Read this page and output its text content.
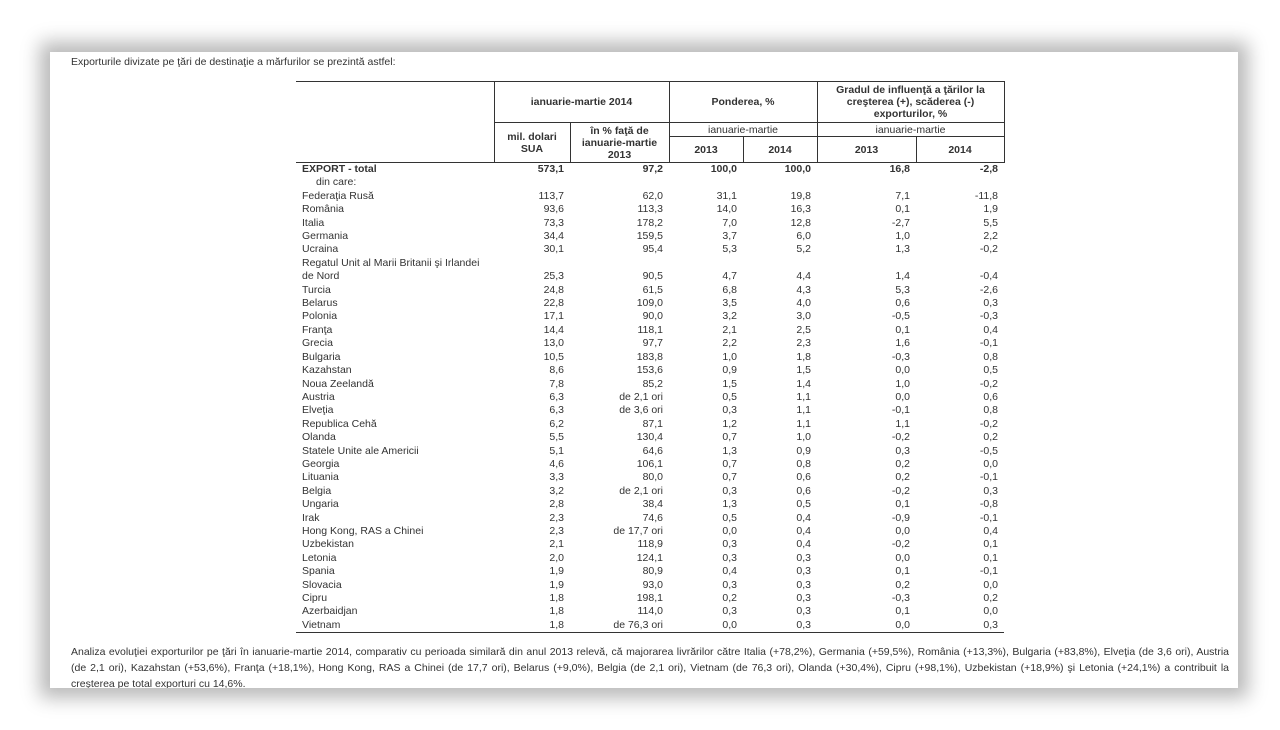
Exporturile divizate pe ţări de destinaţie a mărfurilor se prezintă astfel:
	ianuarie-martie 2014		Ponderea, %		Gradul de influenţă a ţărilor la creşterea (+), scăderea (-) exporturilor, %	
	mil. dolari SUA	în % faţă de ianuarie-martie 2013	ianuarie-martie		ianuarie-martie	
			2013	2014	2013	2014
EXPORT - total	573,1	97,2	100,0	100,0	16,8	-2,8
din care:						
Federaţia Rusă	113,7	62,0	31,1	19,8	7,1	-11,8
România	93,6	113,3	14,0	16,3	0,1	1,9
Italia	73,3	178,2	7,0	12,8	-2,7	5,5
Germania	34,4	159,5	3,7	6,0	1,0	2,2
Ucraina	30,1	95,4	5,3	5,2	1,3	-0,2
Regatul Unit al Marii Britanii şi Irlandei						
de Nord	25,3	90,5	4,7	4,4	1,4	-0,4
Turcia	24,8	61,5	6,8	4,3	5,3	-2,6
Belarus	22,8	109,0	3,5	4,0	0,6	0,3
Polonia	17,1	90,0	3,2	3,0	-0,5	-0,3
Franţa	14,4	118,1	2,1	2,5	0,1	0,4
Grecia	13,0	97,7	2,2	2,3	1,6	-0,1
Bulgaria	10,5	183,8	1,0	1,8	-0,3	0,8
Kazahstan	8,6	153,6	0,9	1,5	0,0	0,5
Noua Zeelandă	7,8	85,2	1,5	1,4	1,0	-0,2
Austria	6,3	de 2,1 ori	0,5	1,1	0,0	0,6
Elveţia	6,3	de 3,6 ori	0,3	1,1	-0,1	0,8
Republica Cehă	6,2	87,1	1,2	1,1	1,1	-0,2
Olanda	5,5	130,4	0,7	1,0	-0,2	0,2
Statele Unite ale Americii	5,1	64,6	1,3	0,9	0,3	-0,5
Georgia	4,6	106,1	0,7	0,8	0,2	0,0
Lituania	3,3	80,0	0,7	0,6	0,2	-0,1
Belgia	3,2	de 2,1 ori	0,3	0,6	-0,2	0,3
Ungaria	2,8	38,4	1,3	0,5	0,1	-0,8
Irak	2,3	74,6	0,5	0,4	-0,9	-0,1
Hong Kong, RAS a Chinei	2,3	de 17,7 ori	0,0	0,4	0,0	0,4
Uzbekistan	2,1	118,9	0,3	0,4	-0,2	0,1
Letonia	2,0	124,1	0,3	0,3	0,0	0,1
Spania	1,9	80,9	0,4	0,3	0,1	-0,1
Slovacia	1,9	93,0	0,3	0,3	0,2	0,0
Cipru	1,8	198,1	0,2	0,3	-0,3	0,2
Azerbaidjan	1,8	114,0	0,3	0,3	0,1	0,0
Vietnam	1,8	de 76,3 ori	0,0	0,3	0,0	0,3
Analiza evoluţiei exporturilor pe ţări în ianuarie-martie 2014, comparativ cu perioada similară din anul 2013 relevă, că majorarea livrărilor către Italia (+78,2%), Germania (+59,5%), România (+13,3%), Bulgaria (+83,8%), Elveţia (de 3,6 ori), Austria (de 2,1 ori), Kazahstan (+53,6%), Franţa (+18,1%), Hong Kong, RAS a Chinei (de 17,7 ori), Belarus (+9,0%), Belgia (de 2,1 ori), Vietnam (de 76,3 ori), Olanda (+30,4%), Cipru (+98,1%), Uzbekistan (+18,9%) şi Letonia (+24,1%) a contribuit la creşterea pe total exporturi cu 14,6%.
